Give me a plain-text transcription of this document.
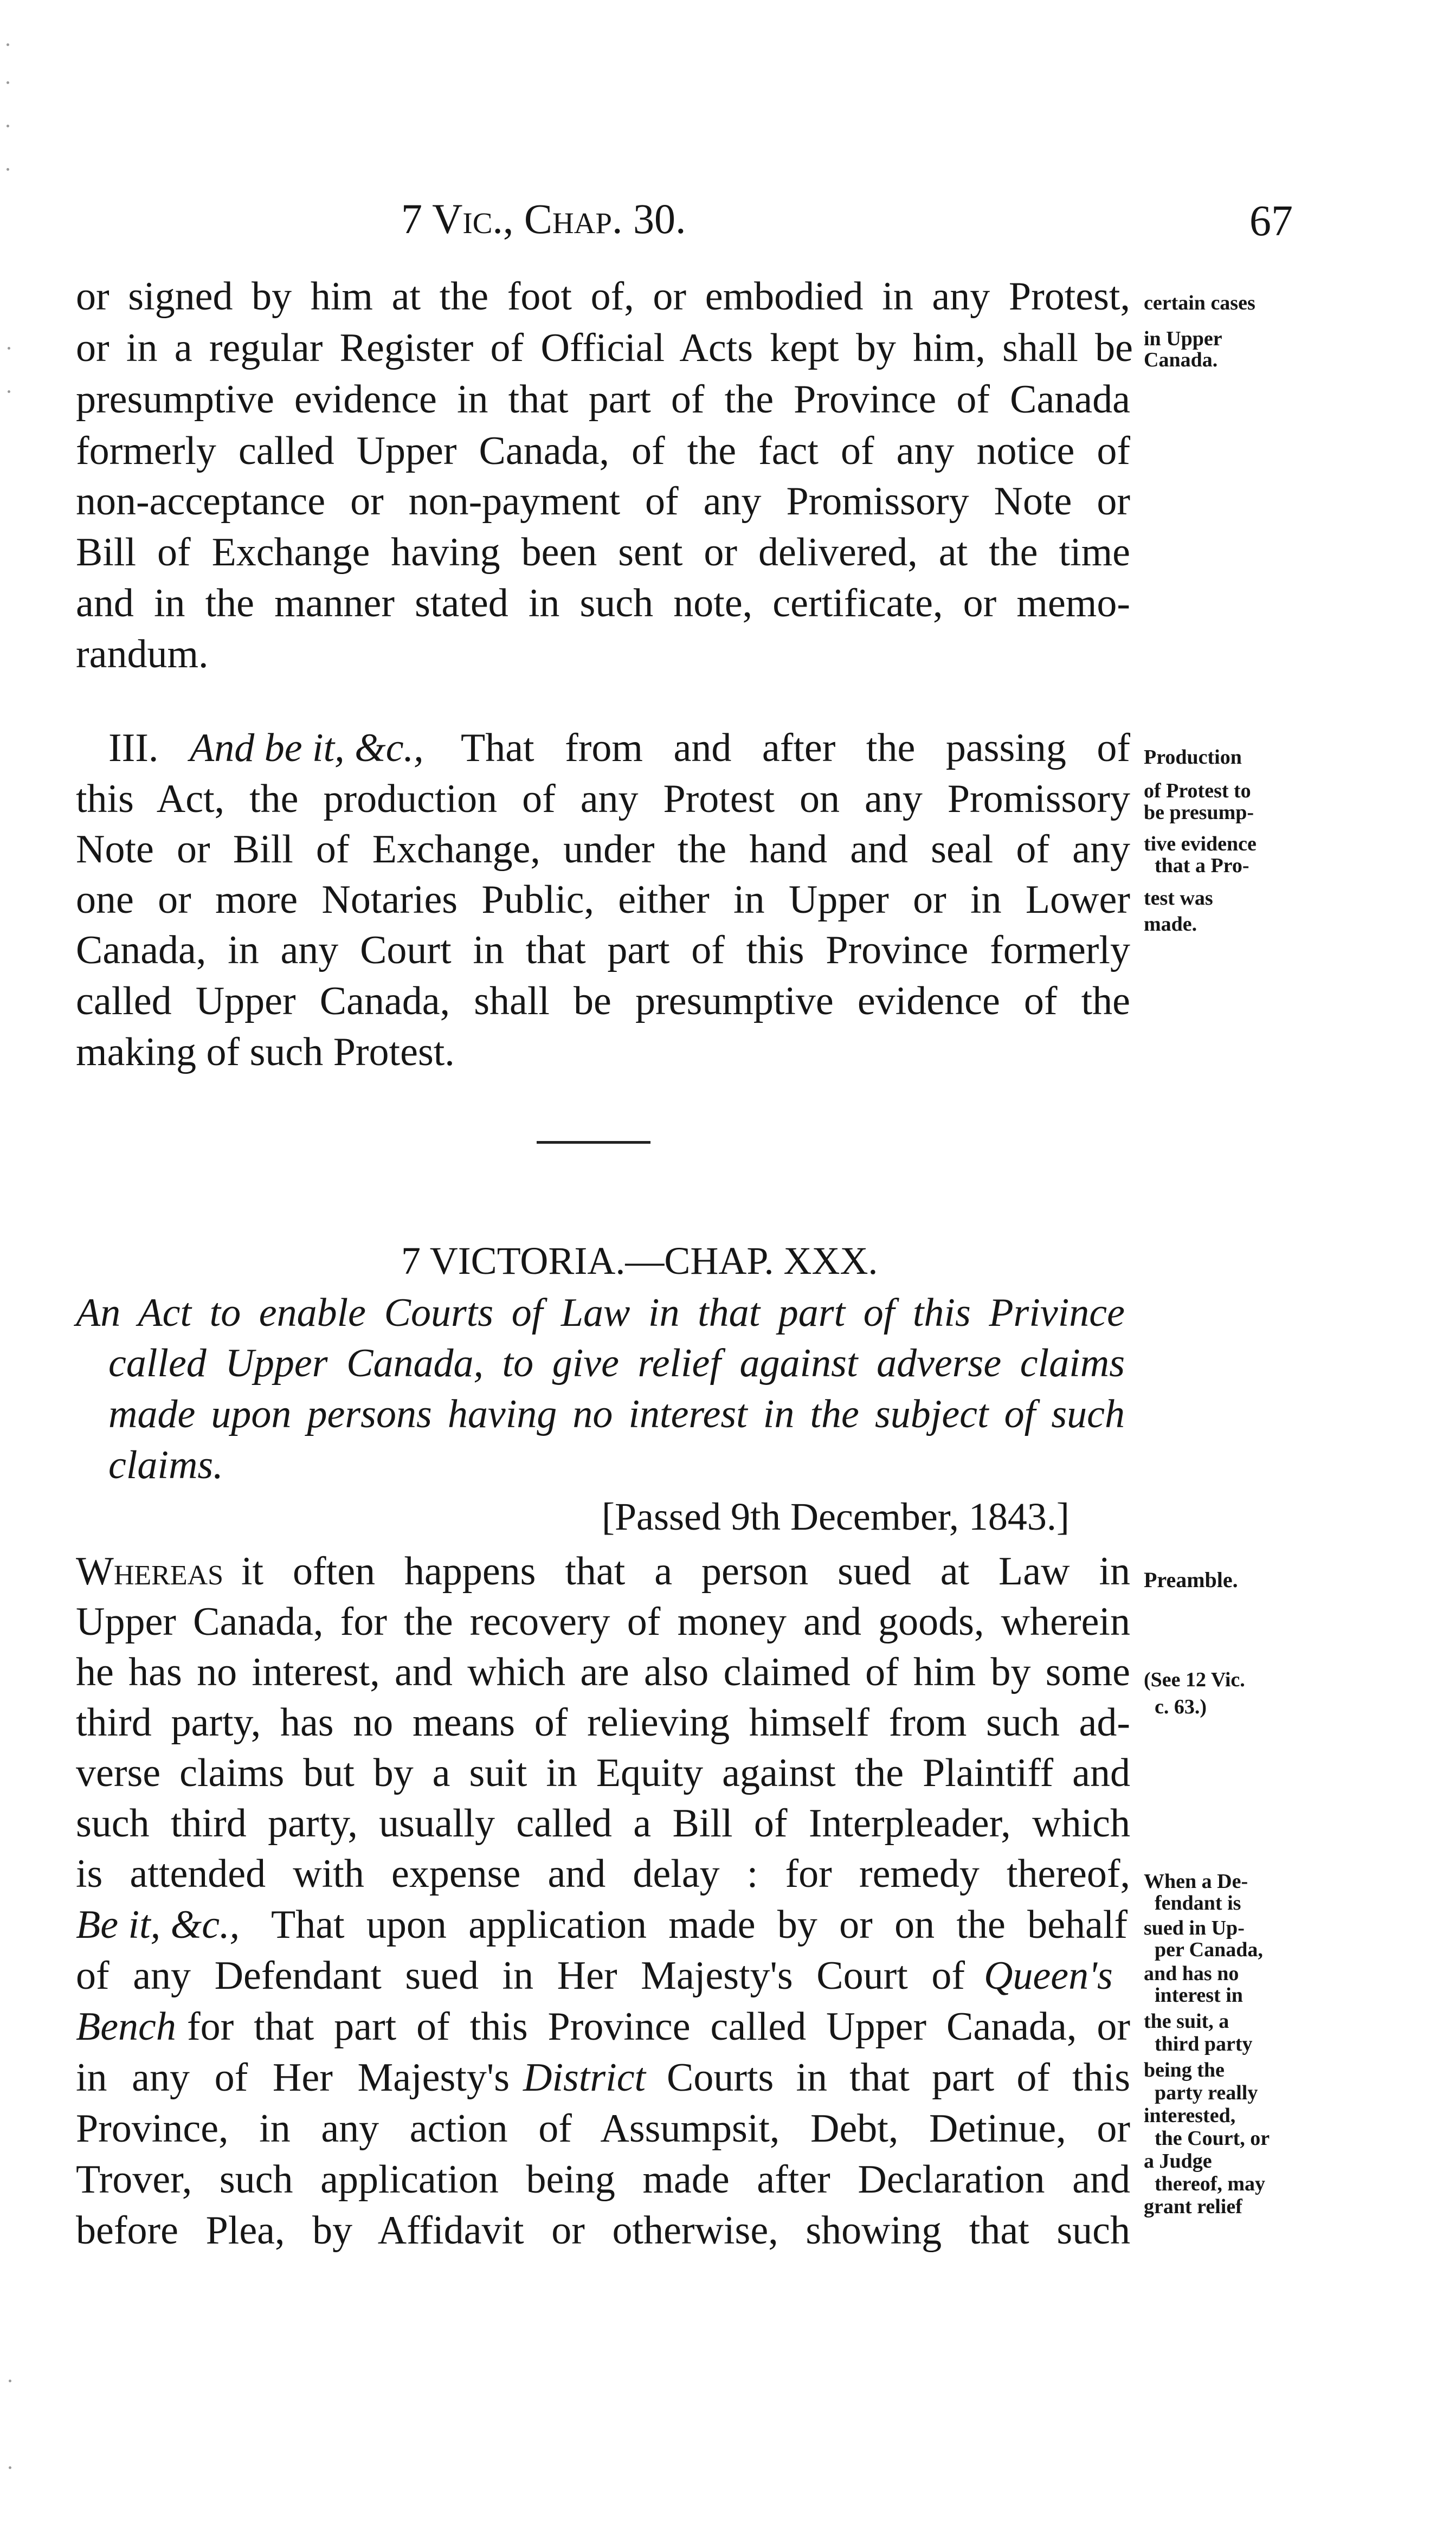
7 Vic., Chap. 30.	67
or signed by him at the foot of, or embodied in any Protest,
or in a regular Register of Official Acts kept by him, shall be
presumptive evidence in that part of the Province of Canada
formerly called Upper Canada, of the fact of any notice of
non-acceptance or non-payment of any Promissory Note or
Bill of Exchange having been sent or delivered, at the time
and in the manner stated in such note, certificate, or memo-
randum.
certain cases
in Upper
Canada.
III. And be it, &c., That from and after the passing of
this Act, the production of any Protest on any Promissory
Note or Bill of Exchange, under the hand and seal of any
one or more Notaries Public, either in Upper or in Lower
Canada, in any Court in that part of this Province formerly
called Upper Canada, shall be presumptive evidence of the
making of such Protest.
Production
of Protest to
be presump-
tive evidence
that a Pro-
test was
made.
7 VICTORIA.—CHAP. XXX.
An Act to enable Courts of Law in that part of this Privince
called Upper Canada, to give relief against adverse claims
made upon persons having no interest in the subject of such
claims.
[Passed 9th December, 1843.]
Whereas it often happens that a person sued at Law in
Upper Canada, for the recovery of money and goods, wherein
he has no interest, and which are also claimed of him by some
third party, has no means of relieving himself from such ad-
verse claims but by a suit in Equity against the Plaintiff and
such third party, usually called a Bill of Interpleader, which
is attended with expense and delay : for remedy thereof,
Preamble.
(See 12 Vic.
c. 63.)
Be it, &c., That upon application made by or on the behalf
of any Defendant sued in Her Majesty's Court of Queen's
Bench for that part of this Province called Upper Canada, or
in any of Her Majesty's District Courts in that part of this
Province, in any action of Assumpsit, Debt, Detinue, or
Trover, such application being made after Declaration and
before Plea, by Affidavit or otherwise, showing that such
When a De-
fendant is
sued in Up-
per Canada,
and has no
interest in
the suit, a
third party
being the
party really
interested,
the Court, or
a Judge
thereof, may
grant relief
